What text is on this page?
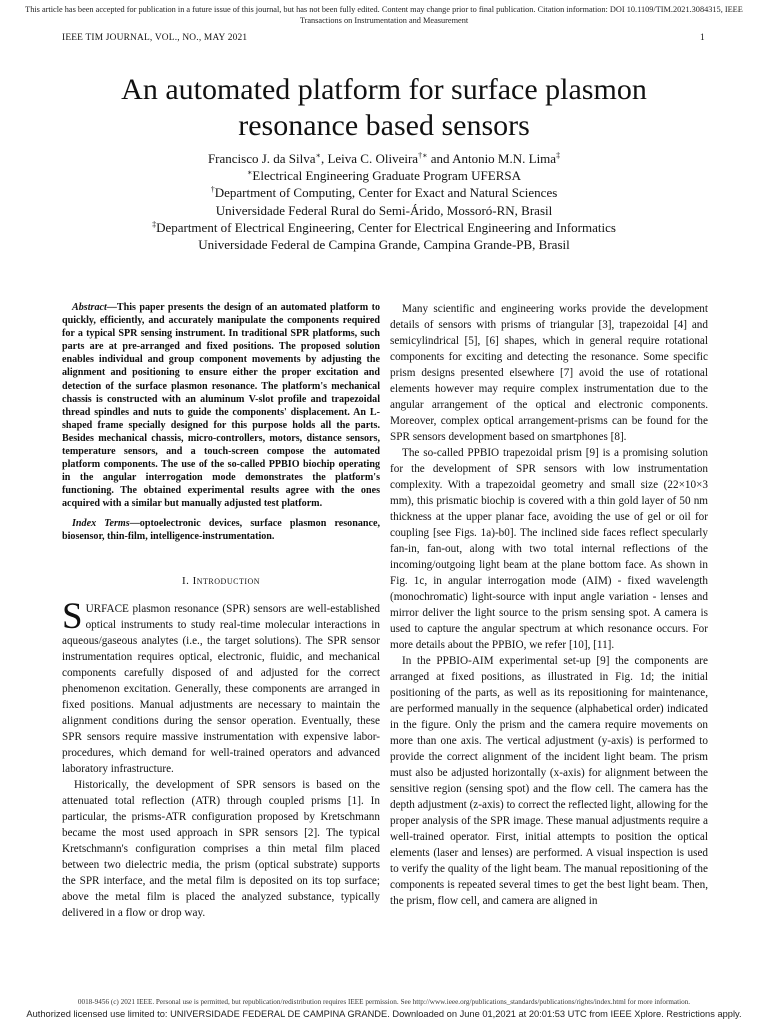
This article has been accepted for publication in a future issue of this journal, but has not been fully edited. Content may change prior to final publication. Citation information: DOI 10.1109/TIM.2021.3084315, IEEE
Transactions on Instrumentation and Measurement
IEEE TIM JOURNAL, VOL., NO., MAY 2021	1
An automated platform for surface plasmon
resonance based sensors
Francisco J. da Silva∗, Leiva C. Oliveira†∗ and Antonio M.N. Lima‡
∗Electrical Engineering Graduate Program UFERSA
†Department of Computing, Center for Exact and Natural Sciences
Universidade Federal Rural do Semi-Árido, Mossoró-RN, Brasil
‡Department of Electrical Engineering, Center for Electrical Engineering and Informatics
Universidade Federal de Campina Grande, Campina Grande-PB, Brasil

Abstract—This paper presents the design of an automated platform to quickly, efficiently, and accurately manipulate the components required for a typical SPR sensing instrument. In traditional SPR platforms, such parts are at pre-arranged and fixed positions. The proposed solution enables individual and group component movements by adjusting the alignment and positioning to ensure either the proper excitation and detection of the surface plasmon resonance. The platform's mechanical chassis is constructed with an aluminum V-slot profile and trapezoidal thread spindles and nuts to guide the components' displacement. An L-shaped frame specially designed for this purpose holds all the parts. Besides mechanical chassis, micro-controllers, motors, distance sensors, temperature sensors, and a touch-screen compose the automated platform components. The use of the so-called PPBIO biochip operating in the angular interrogation mode demonstrates the platform's functioning. The obtained experimental results agree with the ones acquired with a similar but manually adjusted test platform.

Index Terms—optoelectronic devices, surface plasmon resonance, biosensor, thin-film, intelligence-instrumentation.

I. Introduction

SURFACE plasmon resonance (SPR) sensors are well-established optical instruments to study real-time molecular interactions in aqueous/gaseous analytes (i.e., the target solutions). The SPR sensor instrumentation requires optical, electronic, fluidic, and mechanical components carefully disposed of and adjusted for the correct phenomenon excitation. Generally, these components are arranged in fixed positions. Manual adjustments are necessary to maintain the alignment conditions during the sensor operation. Eventually, these SPR sensors require massive instrumentation with expensive labor-procedures, which demand for well-trained operators and advanced laboratory infrastructure.

Historically, the development of SPR sensors is based on the attenuated total reflection (ATR) through coupled prisms [1]. In particular, the prisms-ATR configuration proposed by Kretschmann became the most used approach in SPR sensors [2]. The typical Kretschmann's configuration comprises a thin metal film placed between two dielectric media, the prism (optical substrate) supports the SPR interface, and the metal film is deposited on its top surface; above the metal film is placed the analyzed substance, typically delivered in a flow or drop way.

Many scientific and engineering works provide the development details of sensors with prisms of triangular [3], trapezoidal [4] and semicylindrical [5], [6] shapes, which in general require rotational components for exciting and detecting the resonance. Some specific prism designs presented elsewhere [7] avoid the use of rotational elements however may require complex instrumentation due to the angular arrangement of the optical and electronic components. Moreover, complex optical arrangement-prisms can be found for the SPR sensors development based on smartphones [8].

The so-called PPBIO trapezoidal prism [9] is a promising solution for the development of SPR sensors with low instrumentation complexity. With a trapezoidal geometry and small size (22×10×3 mm), this prismatic biochip is covered with a thin gold layer of 50 nm thickness at the upper planar face, avoiding the use of gel or oil for coupling [see Figs. 1a)-b0]. The inclined side faces reflect specularly fan-in, fan-out, along with two total internal reflections of the incoming/outgoing light beam at the plane bottom face. As shown in Fig. 1c, in angular interrogation mode (AIM) - fixed wavelength (monochromatic) light-source with input angle variation - lenses and mirror deliver the light source to the prism sensing spot. A camera is used to capture the angular spectrum at which resonance occurs. For more details about the PPBIO, we refer [10], [11].

In the PPBIO-AIM experimental set-up [9] the components are arranged at fixed positions, as illustrated in Fig. 1d; the initial positioning of the parts, as well as its repositioning for maintenance, are performed manually in the sequence (alphabetical order) indicated in the figure. Only the prism and the camera require movements on more than one axis. The vertical adjustment (y-axis) is performed to provide the correct alignment of the incident light beam. The prism must also be adjusted horizontally (x-axis) for alignment between the sensitive region (sensing spot) and the flow cell. The camera has the depth adjustment (z-axis) to correct the reflected light, allowing for the proper analysis of the SPR image. These manual adjustments require a well-trained operator. First, initial attempts to position the optical elements (laser and lenses) are performed. A visual inspection is used to verify the quality of the light beam. The manual repositioning of the components is repeated several times to get the best light beam. Then, the prism, flow cell, and camera are aligned in

0018-9456 (c) 2021 IEEE. Personal use is permitted, but republication/redistribution requires IEEE permission. See http://www.ieee.org/publications_standards/publications/rights/index.html for more information.
Authorized licensed use limited to: UNIVERSIDADE FEDERAL DE CAMPINA GRANDE. Downloaded on June 01,2021 at 20:01:53 UTC from IEEE Xplore. Restrictions apply.
